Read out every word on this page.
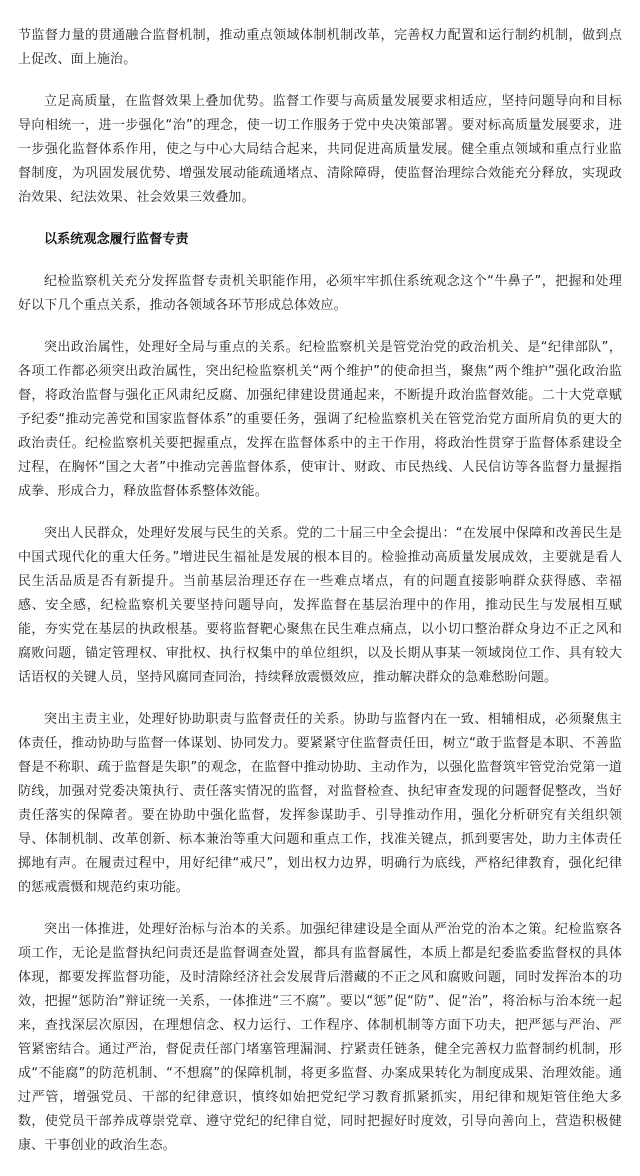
节监督力量的贯通融合监督机制，推动重点领域体制机制改革，完善权力配置和运行制约机制，做到点上促改、面上施治。

立足高质量，在监督效果上叠加优势。监督工作要与高质量发展要求相适应，坚持问题导向和目标导向相统一，进一步强化“治”的理念，使一切工作服务于党中央决策部署。要对标高质量发展要求，进一步强化监督体系作用，使之与中心大局结合起来，共同促进高质量发展。健全重点领域和重点行业监督制度，为巩固发展优势、增强发展动能疏通堵点、清除障碍，使监督治理综合效能充分释放，实现政治效果、纪法效果、社会效果三效叠加。

以系统观念履行监督专责

纪检监察机关充分发挥监督专责机关职能作用，必须牢牢抓住系统观念这个“牛鼻子”，把握和处理好以下几个重点关系，推动各领域各环节形成总体效应。

突出政治属性，处理好全局与重点的关系。纪检监察机关是管党治党的政治机关、是“纪律部队”，各项工作都必须突出政治属性，突出纪检监察机关“两个维护”的使命担当，聚焦“两个维护”强化政治监督，将政治监督与强化正风肃纪反腐、加强纪律建设贯通起来，不断提升政治监督效能。二十大党章赋予纪委“推动完善党和国家监督体系”的重要任务，强调了纪检监察机关在管党治党方面所肩负的更大的政治责任。纪检监察机关要把握重点，发挥在监督体系中的主干作用，将政治性贯穿于监督体系建设全过程，在胸怀“国之大者”中推动完善监督体系，使审计、财政、市民热线、人民信访等各监督力量握指成拳、形成合力，释放监督体系整体效能。

突出人民群众，处理好发展与民生的关系。党的二十届三中全会提出：“在发展中保障和改善民生是中国式现代化的重大任务。”增进民生福祉是发展的根本目的。检验推动高质量发展成效，主要就是看人民生活品质是否有新提升。当前基层治理还存在一些难点堵点，有的问题直接影响群众获得感、幸福感、安全感，纪检监察机关要坚持问题导向，发挥监督在基层治理中的作用，推动民生与发展相互赋能，夯实党在基层的执政根基。要将监督靶心聚焦在民生难点痛点，以小切口整治群众身边不正之风和腐败问题，锚定管理权、审批权、执行权集中的单位组织，以及长期从事某一领域岗位工作、具有较大话语权的关键人员，坚持风腐同查同治，持续释放震慑效应，推动解决群众的急难愁盼问题。

突出主责主业，处理好协助职责与监督责任的关系。协助与监督内在一致、相辅相成，必须聚焦主体责任，推动协助与监督一体谋划、协同发力。要紧紧守住监督责任田，树立“敢于监督是本职、不善监督是不称职、疏于监督是失职”的观念，在监督中推动协助、主动作为，以强化监督筑牢管党治党第一道防线，加强对党委决策执行、责任落实情况的监督，对监督检查、执纪审查发现的问题督促整改，当好责任落实的保障者。要在协助中强化监督，发挥参谋助手、引导推动作用，强化分析研究有关组织领导、体制机制、改革创新、标本兼治等重大问题和重点工作，找准关键点，抓到要害处，助力主体责任掷地有声。在履责过程中，用好纪律“戒尺”，划出权力边界，明确行为底线，严格纪律教育，强化纪律的惩戒震慑和规范约束功能。

突出一体推进，处理好治标与治本的关系。加强纪律建设是全面从严治党的治本之策。纪检监察各项工作，无论是监督执纪问责还是监督调查处置，都具有监督属性，本质上都是纪委监委监督权的具体体现，都要发挥监督功能，及时清除经济社会发展背后潜藏的不正之风和腐败问题，同时发挥治本的功效，把握“惩防治”辩证统一关系，一体推进“三不腐”。要以“惩”促“防”、促“治”，将治标与治本统一起来，查找深层次原因，在理想信念、权力运行、工作程序、体制机制等方面下功夫，把严惩与严治、严管紧密结合。通过严治，督促责任部门堵塞管理漏洞、拧紧责任链条，健全完善权力监督制约机制，形成“不能腐”的防范机制、“不想腐”的保障机制，将更多监督、办案成果转化为制度成果、治理效能。通过严管，增强党员、干部的纪律意识，慎终如始把党纪学习教育抓紧抓实，用纪律和规矩管住绝大多数，使党员干部养成尊崇党章、遵守党纪的纪律自觉，同时把握好时度效，引导向善向上，营造积极健康、干事创业的政治生态。
